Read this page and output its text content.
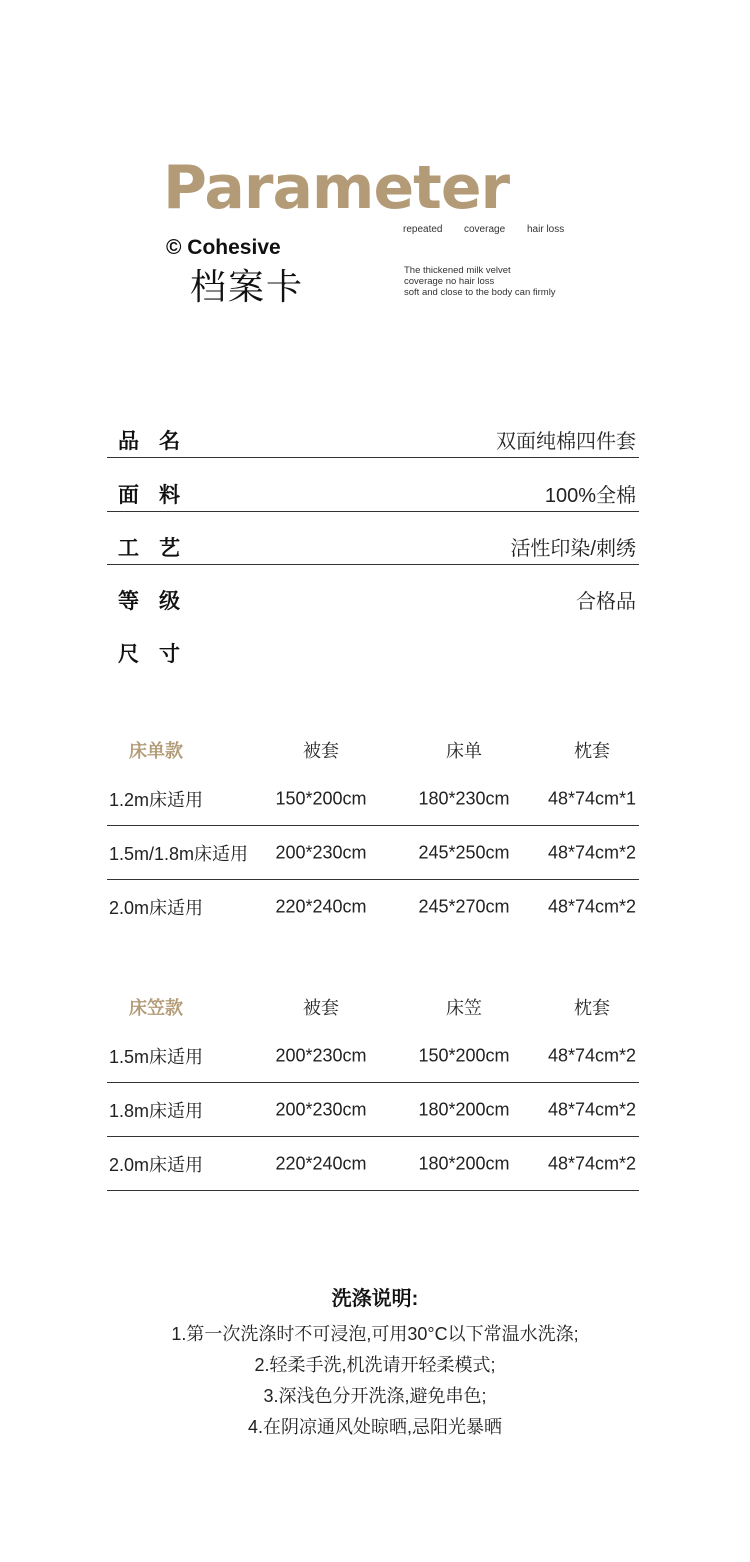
Parameter
repeated coverage hair loss
© Cohesive
档案卡	The thickened milk velvet
coverage no hair loss
soft and close to the body can firmly
品名	双面纯棉四件套
面料	100%全棉
工艺	活性印染/刺绣
等级	合格品
尺寸
床单款	被套	床单	枕套
1.2m床适用	150*200cm	180*230cm 48*74cm*1
1.5m/1.8m床适用 200*230cm	245*250cm 48*74cm*2
2.0m床适用	220*240cm	245*270cm 48*74cm*2
床笠款	被套	床笠	枕套
1.5m床适用	200*230cm	150*200cm 48*74cm*2
1.8m床适用	200*230cm	180*200cm 48*74cm*2
2.0m床适用	220*240cm	180*200cm 48*74cm*2
洗涤说明:
1.第一次洗涤时不可浸泡,可用30°C以下常温水洗涤;
2.轻柔手洗,机洗请开轻柔模式;
3.深浅色分开洗涤,避免串色;
4.在阴凉通风处晾晒,忌阳光暴晒
